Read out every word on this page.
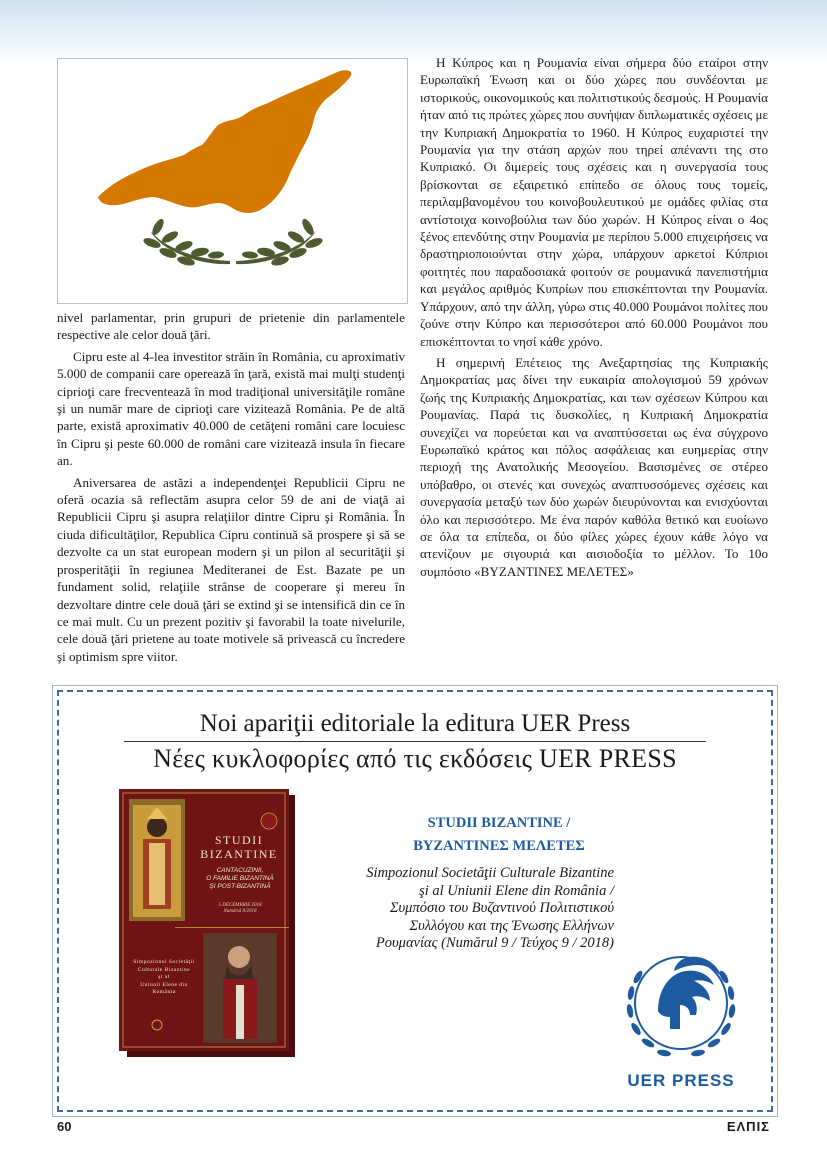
nivel parlamentar, prin grupuri de prietenie din parlamentele respective ale celor două ţări.

Cipru este al 4-lea investitor străin în România, cu aproximativ 5.000 de companii care operează în ţară, există mai mulţi studenţi ciprioţi care frecventează în mod tradiţional universităţile române şi un număr mare de ciprioţi care vizitează România. Pe de altă parte, există aproximativ 40.000 de cetăţeni români care locuiesc în Cipru şi peste 60.000 de români care vizitează insula în fiecare an.

Aniversarea de astăzi a independenţei Republicii Cipru ne oferă ocazia să reflectăm asupra celor 59 de ani de viaţă ai Republicii Cipru şi asupra relaţiilor dintre Cipru şi România. În ciuda dificultăţilor, Republica Cipru continuă să prospere şi să se dezvolte ca un stat european modern şi un pilon al securităţii şi prosperităţii în regiunea Mediteranei de Est. Bazate pe un fundament solid, relaţiile strânse de cooperare şi mereu în dezvoltare dintre cele două ţări se extind şi se intensifică din ce în ce mai mult. Cu un prezent pozitiv şi favorabil la toate nivelurile, cele două ţări prietene au toate motivele să privească cu încredere şi optimism spre viitor.

Η Κύπρος και η Ρουμανία είναι σήμερα δύο εταίροι στην Ευρωπαϊκή Ένωση και οι δύο χώρες που συνδέονται με ιστορικούς, οικονομικούς και πολιτιστικούς δεσμούς. Η Ρουμανία ήταν από τις πρώτες χώρες που συνήψαν διπλωματικές σχέσεις με την Κυπριακή Δημοκρατία το 1960. Η Κύπρος ευχαριστεί την Ρουμανία για την στάση αρχών που τηρεί απέναντι της στο Κυπριακό. Οι διμερείς τους σχέσεις και η συνεργασία τους βρίσκονται σε εξαιρετικό επίπεδο σε όλους τους τομείς, περιλαμβανομένου του κοινοβουλευτικού με ομάδες φιλίας στα αντίστοιχα κοινοβούλια των δύο χωρών. Η Κύπρος είναι ο 4ος ξένος επενδύτης στην Ρουμανία με περίπου 5.000 επιχειρήσεις να δραστηριοποιούνται στην χώρα, υπάρχουν αρκετοί Κύπριοι φοιτητές που παραδοσιακά φοιτούν σε ρουμανικά πανεπιστήμια και μεγάλος αριθμός Κυπρίων που επισκέπτονται την Ρουμανία. Υπάρχουν, από την άλλη, γύρω στις 40.000 Ρουμάνοι πολίτες που ζούνε στην Κύπρο και περισσότεροι από 60.000 Ρουμάνοι που επισκέπτονται το νησί κάθε χρόνο.

Η σημερινή Επέτειος της Ανεξαρτησίας της Κυπριακής Δημοκρατίας μας δίνει την ευκαιρία απολογισμού 59 χρόνων ζωής της Κυπριακής Δημοκρατίας, και των σχέσεων Κύπρου και Ρουμανίας. Παρά τις δυσκολίες, η Κυπριακή Δημοκρατία συνεχίζει να πορεύεται και να αναπτύσσεται ως ένα σύγχρονο Ευρωπαϊκό κράτος και πόλος ασφάλειας και ευημερίας στην περιοχή της Ανατολικής Μεσογείου. Βασισμένες σε στέρεο υπόβαθρο, οι στενές και συνεχώς αναπτυσσόμενες σχέσεις και συνεργασία μεταξύ των δύο χωρών διευρύνονται και ενισχύονται όλο και περισσότερο. Με ένα παρόν καθόλα θετικό και ευοίωνο σε όλα τα επίπεδα, οι δύο φίλες χώρες έχουν κάθε λόγο να ατενίζουν με σιγουριά και αισιοδοξία το μέλλον. Το 10ο συμπόσιο «ΒΥΖΑΝΤΙΝΕΣ ΜΕΛΕΤΕΣ»

Noi apariţii editoriale la editura UER Press
Νέες κυκλοφορίες από τις εκδόσεις UER PRESS
STUDII
BIZANTINE
CANTACUZINII,
O FAMILIE BIZANTINĂ
ŞI POST-BIZANTINĂ
5 DECEMBRIE 2018
Numărul 9/2018
Simpozionul Societăţii
Culturale Bizantine
şi al
Uniunii Elene din
România
STUDII BIZANTINE /
ΒΥΖΑΝΤΙΝΕΣ ΜΕΛΕΤΕΣ
Simpozionul Societăţii Culturale Bizantine
şi al Uniunii Elene din România /
Συμπόσιο του Βυζαντινού Πολιτιστικού
Συλλόγου και της Ένωσης Ελλήνων
Ρουμανίας (Numărul 9 / Τεύχος 9 / 2018)
UER PRESS
60	ΕΛΠΙΣ
